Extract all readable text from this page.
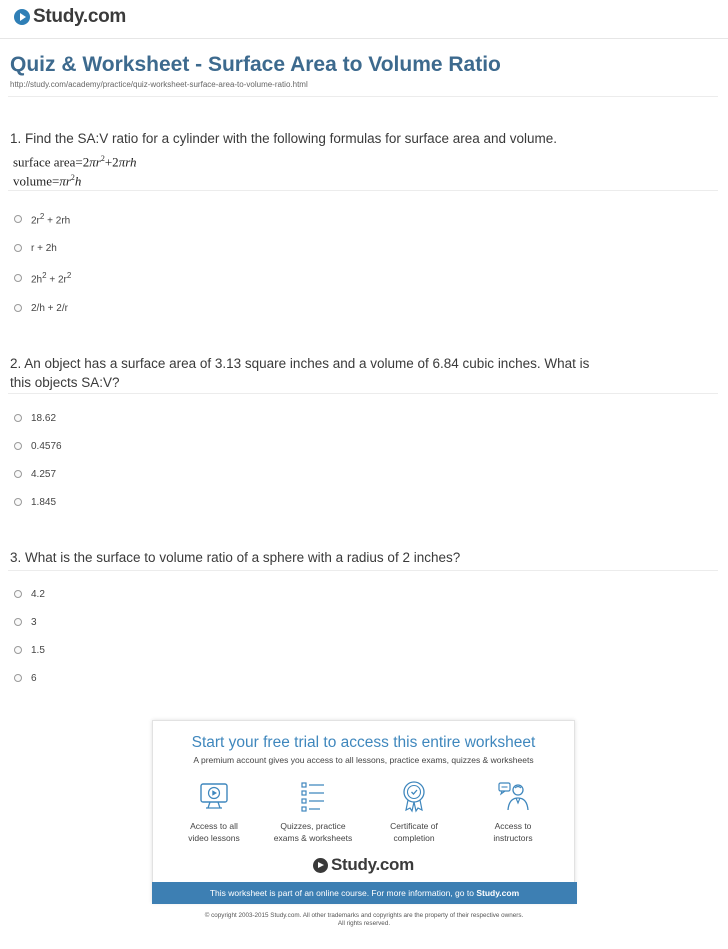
Study.com
Quiz & Worksheet - Surface Area to Volume Ratio
http://study.com/academy/practice/quiz-worksheet-surface-area-to-volume-ratio.html
1. Find the SA:V ratio for a cylinder with the following formulas for surface area and volume.
surface $area=2\pi r^2+2\pi rh$
$volume=\pi r^2h$
$2r^2 + 2rh$
r + 2h
$2h^2 + 2r^2$
2/h + 2/r
2. An object has a surface area of 3.13 square inches and a volume of 6.84 cubic inches. What is this objects SA:V?
18.62
0.4576
4.257
1.845
3. What is the surface to volume ratio of a sphere with a radius of 2 inches?
4.2
3
1.5
6
Start your free trial to access this entire worksheet
A premium account gives you access to all lessons, practice exams, quizzes & worksheets
Access to all
video lessons
Quizzes, practice
exams & worksheets
Certificate of
completion
Access to
instructors
Study.com
This worksheet is part of an online course. For more information, go to Study.com
© copyright 2003-2015 Study.com. All other trademarks and copyrights are the property of their respective owners.
All rights reserved.
